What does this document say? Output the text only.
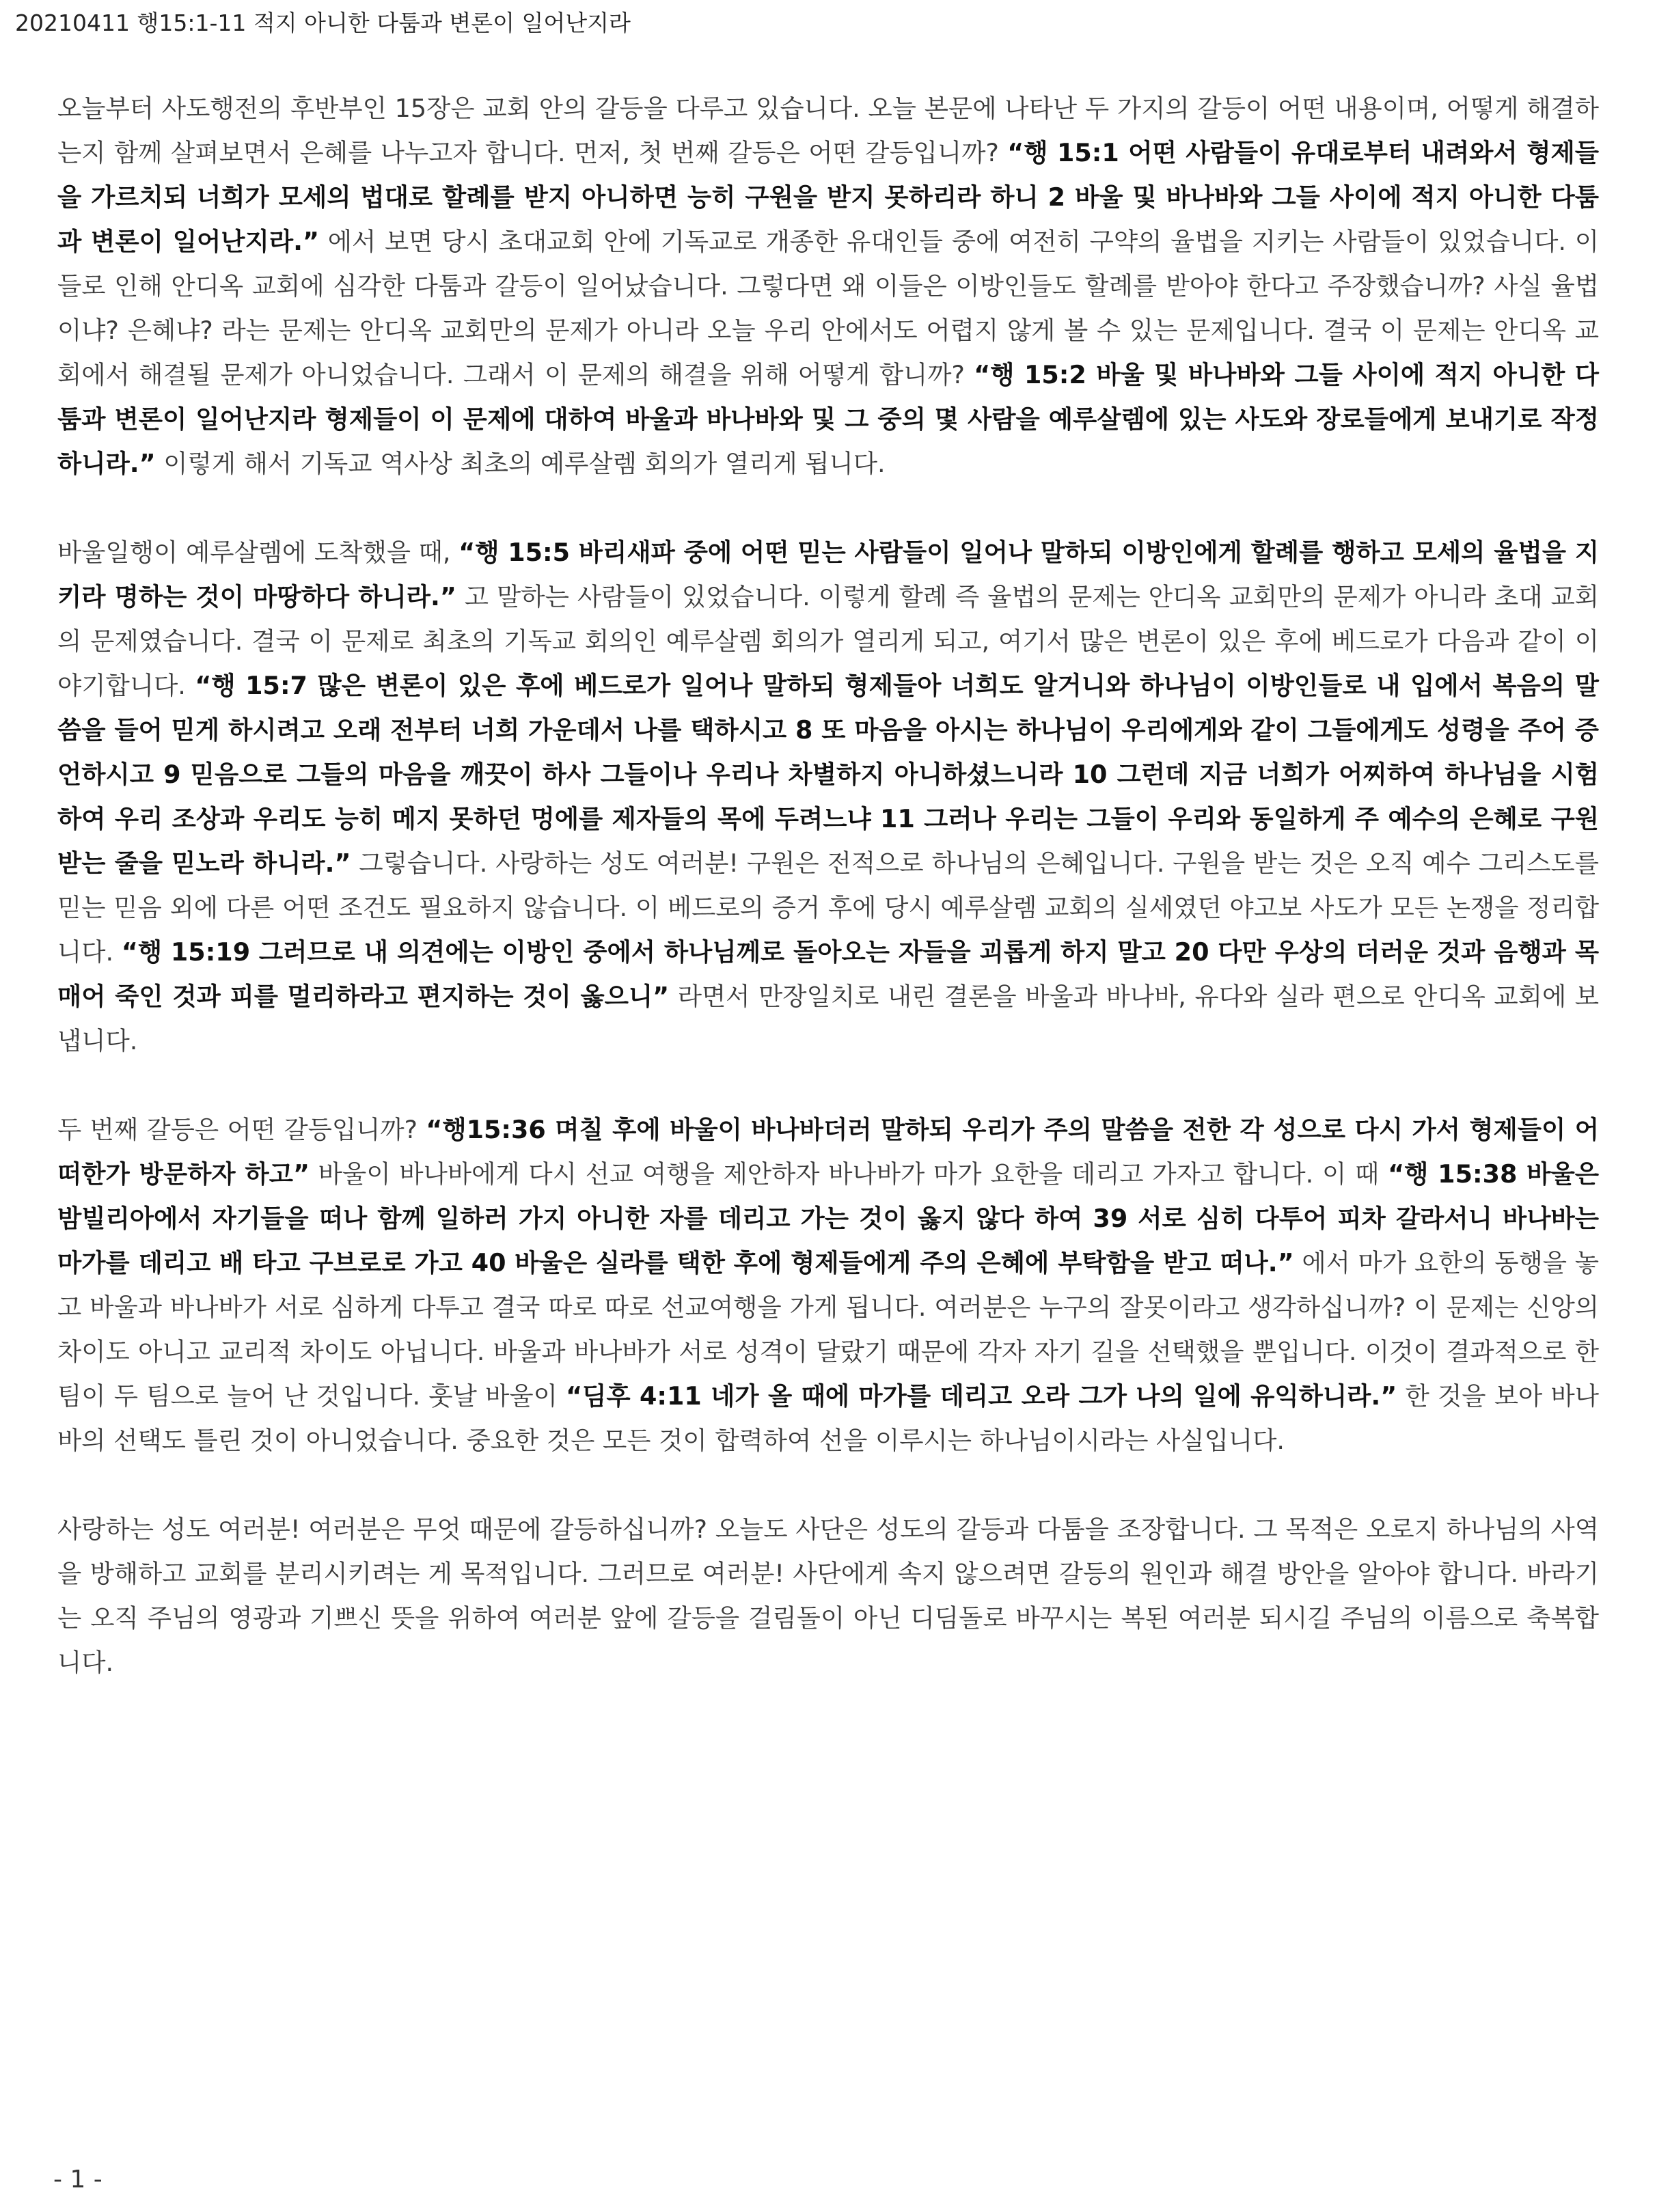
20210411 행15:1-11 적지 아니한 다툼과 변론이 일어난지라

오늘부터 사도행전의 후반부인 15장은 교회 안의 갈등을 다루고 있습니다. 오늘 본문에 나타난 두 가지의 갈등이 어떤 내용이며, 어떻게 해결하는지 함께 살펴보면서 은혜를 나누고자 합니다. 먼저, 첫 번째 갈등은 어떤 갈등입니까? “행 15:1 어떤 사람들이 유대로부터 내려와서 형제들을 가르치되 너희가 모세의 법대로 할례를 받지 아니하면 능히 구원을 받지 못하리라 하니 2 바울 및 바나바와 그들 사이에 적지 아니한 다툼과 변론이 일어난지라.” 에서 보면 당시 초대교회 안에 기독교로 개종한 유대인들 중에 여전히 구약의 율법을 지키는 사람들이 있었습니다. 이들로 인해 안디옥 교회에 심각한 다툼과 갈등이 일어났습니다. 그렇다면 왜 이들은 이방인들도 할례를 받아야 한다고 주장했습니까? 사실 율법이냐? 은혜냐? 라는 문제는 안디옥 교회만의 문제가 아니라 오늘 우리 안에서도 어렵지 않게 볼 수 있는 문제입니다. 결국 이 문제는 안디옥 교회에서 해결될 문제가 아니었습니다. 그래서 이 문제의 해결을 위해 어떻게 합니까? “행 15:2 바울 및 바나바와 그들 사이에 적지 아니한 다툼과 변론이 일어난지라 형제들이 이 문제에 대하여 바울과 바나바와 및 그 중의 몇 사람을 예루살렘에 있는 사도와 장로들에게 보내기로 작정하니라.” 이렇게 해서 기독교 역사상 최초의 예루살렘 회의가 열리게 됩니다.

바울일행이 예루살렘에 도착했을 때, “행 15:5 바리새파 중에 어떤 믿는 사람들이 일어나 말하되 이방인에게 할례를 행하고 모세의 율법을 지키라 명하는 것이 마땅하다 하니라.” 고 말하는 사람들이 있었습니다. 이렇게 할례 즉 율법의 문제는 안디옥 교회만의 문제가 아니라 초대 교회의 문제였습니다. 결국 이 문제로 최초의 기독교 회의인 예루살렘 회의가 열리게 되고, 여기서 많은 변론이 있은 후에 베드로가 다음과 같이 이야기합니다. “행 15:7 많은 변론이 있은 후에 베드로가 일어나 말하되 형제들아 너희도 알거니와 하나님이 이방인들로 내 입에서 복음의 말씀을 들어 믿게 하시려고 오래 전부터 너희 가운데서 나를 택하시고 8 또 마음을 아시는 하나님이 우리에게와 같이 그들에게도 성령을 주어 증언하시고 9 믿음으로 그들의 마음을 깨끗이 하사 그들이나 우리나 차별하지 아니하셨느니라 10 그런데 지금 너희가 어찌하여 하나님을 시험하여 우리 조상과 우리도 능히 메지 못하던 멍에를 제자들의 목에 두려느냐 11 그러나 우리는 그들이 우리와 동일하게 주 예수의 은혜로 구원 받는 줄을 믿노라 하니라.” 그렇습니다. 사랑하는 성도 여러분! 구원은 전적으로 하나님의 은혜입니다. 구원을 받는 것은 오직 예수 그리스도를 믿는 믿음 외에 다른 어떤 조건도 필요하지 않습니다. 이 베드로의 증거 후에 당시 예루살렘 교회의 실세였던 야고보 사도가 모든 논쟁을 정리합니다. “행 15:19 그러므로 내 의견에는 이방인 중에서 하나님께로 돌아오는 자들을 괴롭게 하지 말고 20 다만 우상의 더러운 것과 음행과 목매어 죽인 것과 피를 멀리하라고 편지하는 것이 옳으니” 라면서 만장일치로 내린 결론을 바울과 바나바, 유다와 실라 편으로 안디옥 교회에 보냅니다.

두 번째 갈등은 어떤 갈등입니까? “행15:36 며칠 후에 바울이 바나바더러 말하되 우리가 주의 말씀을 전한 각 성으로 다시 가서 형제들이 어떠한가 방문하자 하고” 바울이 바나바에게 다시 선교 여행을 제안하자 바나바가 마가 요한을 데리고 가자고 합니다. 이 때 “행 15:38 바울은 밤빌리아에서 자기들을 떠나 함께 일하러 가지 아니한 자를 데리고 가는 것이 옳지 않다 하여 39 서로 심히 다투어 피차 갈라서니 바나바는 마가를 데리고 배 타고 구브로로 가고 40 바울은 실라를 택한 후에 형제들에게 주의 은혜에 부탁함을 받고 떠나.” 에서 마가 요한의 동행을 놓고 바울과 바나바가 서로 심하게 다투고 결국 따로 따로 선교여행을 가게 됩니다. 여러분은 누구의 잘못이라고 생각하십니까? 이 문제는 신앙의 차이도 아니고 교리적 차이도 아닙니다. 바울과 바나바가 서로 성격이 달랐기 때문에 각자 자기 길을 선택했을 뿐입니다. 이것이 결과적으로 한 팀이 두 팀으로 늘어 난 것입니다. 훗날 바울이 “딤후 4:11 네가 올 때에 마가를 데리고 오라 그가 나의 일에 유익하니라.” 한 것을 보아 바나바의 선택도 틀린 것이 아니었습니다. 중요한 것은 모든 것이 합력하여 선을 이루시는 하나님이시라는 사실입니다.

사랑하는 성도 여러분! 여러분은 무엇 때문에 갈등하십니까? 오늘도 사단은 성도의 갈등과 다툼을 조장합니다. 그 목적은 오로지 하나님의 사역을 방해하고 교회를 분리시키려는 게 목적입니다. 그러므로 여러분! 사단에게 속지 않으려면 갈등의 원인과 해결 방안을 알아야 합니다. 바라기는 오직 주님의 영광과 기쁘신 뜻을 위하여 여러분 앞에 갈등을 걸림돌이 아닌 디딤돌로 바꾸시는 복된 여러분 되시길 주님의 이름으로 축복합니다.

- 1 -
